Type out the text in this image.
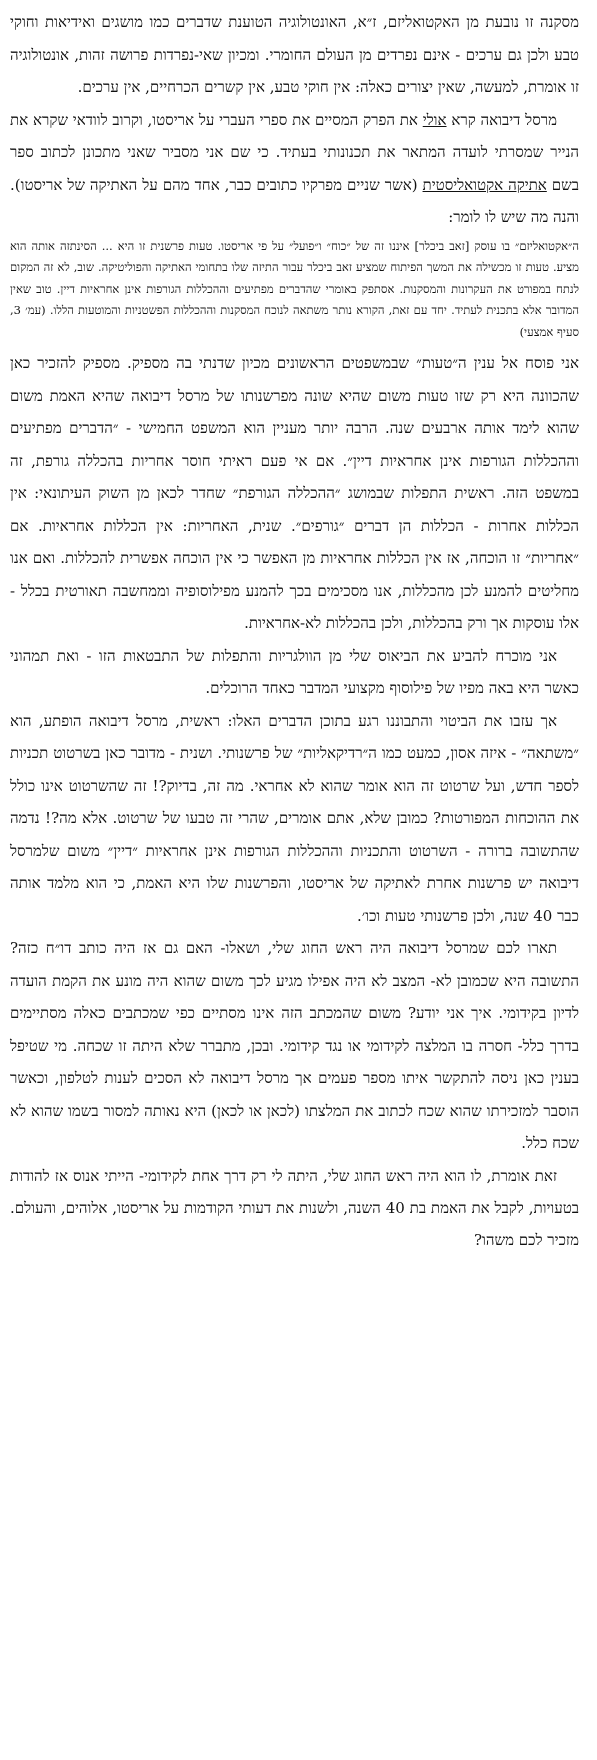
מסקנה זו נובעת מן האקטואליזם, ז״א, האונטולוגיה הטוענת שדברים כמו מושגים ואידיאות וחוקי טבע ולכן גם ערכים - אינם נפרדים מן העולם החומרי. ומכיון שאי-נפרדות פרושה זהות, אונטולוגיה זו אומרת, למעשה, שאין יצורים כאלה: אין חוקי טבע, אין קשרים הכרחיים, אין ערכים.

מרסל דיבואה קרא אולי את הפרק המסיים את ספרי העברי על אריסטו, וקרוב לוודאי שקרא את הנייר שמסרתי לועדה המתאר את תכנונותי בעתיד. כי שם אני מסביר שאני מתכונן לכתוב ספר בשם אתיקה אקטואליסטית (אשר שניים מפרקיו כתובים כבר, אחד מהם על האתיקה של אריסטו). והנה מה שיש לו לומר:

ה״אקטואליזם״ בו עוסק [זאב ביכלר] איננו זה של ״כוח״ ו״פועל״ על פי אריסטו. טעות פרשנית זו היא ... הסינתזה אותה הוא מציע. טעות זו מכשילה את המשך הפיתוח שמציע זאב ביכלר עבור התיזה שלו בתחומי האתיקה והפוליטיקה. שוב, לא זה המקום לנתח במפורט את העקרונות והמסקנות. אסתפק באומרי שהדברים מפתיעים וההכללות הגורפות אינן אחראיות דיין. טוב שאין המדובר אלא בתכנית לעתיד. יחד עם זאת, הקורא נותר משתאה לנוכח המסקנות וההכללות הפשטניות והמוטעות הללו. (עמ׳ 3, סעיף אמצעי)

אני פוסח אל ענין ה״טעות״ שבמשפטים הראשונים מכיון שדנתי בה מספיק. מספיק להזכיר כאן שהכוונה היא רק שזו טעות משום שהיא שונה מפרשנותו של מרסל דיבואה שהיא האמת משום שהוא לימד אותה ארבעים שנה. הרבה יותר מעניין הוא המשפט החמישי - ״הדברים מפתיעים וההכללות הגורפות אינן אחראיות דיין״. אם אי פעם ראיתי חוסר אחריות בהכללה גורפת, זה במשפט הזה. ראשית התפלות שבמושג ״ההכללה הגורפת״ שחדר לכאן מן השוק העיתונאי: אין הכללות אחרות - הכללות הן דברים ״גורפים״. שנית, האחריות: אין הכללות אחראיות. אם ״אחריות״ זו הוכחה, אז אין הכללות אחראיות מן האפשר כי אין הוכחה אפשרית להכללות. ואם אנו מחליטים להמנע לכן מהכללות, אנו מסכימים בכך להמנע מפילוסופיה וממחשבה תאורטית בכלל - אלו עוסקות אך ורק בהכללות, ולכן בהכללות לא-אחראיות.

אני מוכרח להביע את הביאוס שלי מן הוולגריות והתפלות של התבטאות הזו - ואת תמהוני כאשר היא באה מפיו של פילוסוף מקצועי המדבר כאחד הרוכלים.

אך עזבו את הביטוי והתבוננו רגע בתוכן הדברים האלו: ראשית, מרסל דיבואה הופתע, הוא ״משתאה״ - איזה אסון, כמעט כמו ה״רדיקאליות״ של פרשנותי. ושנית - מדובר כאן בשרטוט תכניות לספר חדש, ועל שרטוט זה הוא אומר שהוא לא אחראי. מה זה, בדיוק?! זה שהשרטוט אינו כולל את ההוכחות המפורטות? כמובן שלא, אתם אומרים, שהרי זה טבעו של שרטוט. אלא מה?! נדמה שהתשובה ברורה - השרטוט והתכניות וההכללות הגורפות אינן אחראיות ״דיין״ משום שלמרסל דיבואה יש פרשנות אחרת לאתיקה של אריסטו, והפרשנות שלו היא האמת, כי הוא מלמד אותה כבר 40 שנה, ולכן פרשנותי טעות וכו׳.

תארו לכם שמרסל דיבואה היה ראש החוג שלי, ושאלו- האם גם אז היה כותב דו״ח כזה? התשובה היא שכמובן לא- המצב לא היה אפילו מגיע לכך משום שהוא היה מונע את הקמת הועדה לדיון בקידומי. איך אני יודע? משום שהמכתב הזה אינו מסתיים כפי שמכתבים כאלה מסתיימים בדרך כלל- חסרה בו המלצה לקידומי או נגד קידומי. ובכן, מתברר שלא היתה זו שכחה. מי שטיפל בענין כאן ניסה להתקשר איתו מספר פעמים אך מרסל דיבואה לא הסכים לענות לטלפון, וכאשר הוסבר למזכירתו שהוא שכח לכתוב את המלצתו (לכאן או לכאן) היא נאותה למסור בשמו שהוא לא שכח כלל.

זאת אומרת, לו הוא היה ראש החוג שלי, היתה לי רק דרך אחת לקידומי- הייתי אנוס אז להודות בטעויות, לקבל את האמת בת 40 השנה, ולשנות את דעותי הקודמות על אריסטו, אלוהים, והעולם. מזכיר לכם משהו?
